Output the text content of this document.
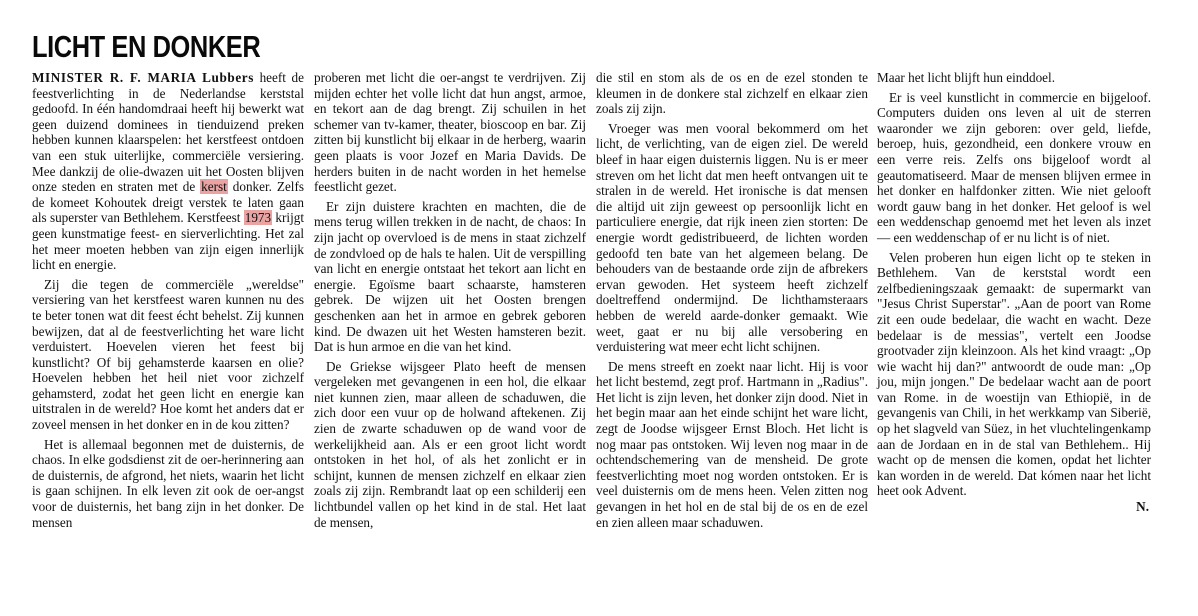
LICHT EN DONKER

MINISTER R. F. MARIA Lubbers heeft de feestverlichting in de Nederlandse kerststal gedoofd. In één handomdraai heeft hij bewerkt wat geen duizend dominees in tienduizend preken hebben kunnen klaarspelen: het kerstfeest ontdoen van een stuk uiterlijke, commerciële versiering. Mee dankzij de olie-dwazen uit het Oosten blijven onze steden en straten met de kerst donker. Zelfs de komeet Kohoutek dreigt verstek te laten gaan als superster van Bethlehem. Kerstfeest 1973 krijgt geen kunstmatige feest- en sierverlichting. Het zal het meer moeten hebben van zijn eigen innerlijk licht en energie.

Zij die tegen de commerciële „wereldse" versiering van het kerstfeest waren kunnen nu des te beter tonen wat dit feest écht behelst. Zij kunnen bewijzen, dat al de feestverlichting het ware licht verduistert. Hoevelen vieren het feest bij kunstlicht? Of bij gehamsterde kaarsen en olie? Hoevelen hebben het heil niet voor zichzelf gehamsterd, zodat het geen licht en energie kan uitstralen in de wereld? Hoe komt het anders dat er zoveel mensen in het donker en in de kou zitten?

Het is allemaal begonnen met de duisternis, de chaos. In elke godsdienst zit de oer-herinnering aan de duisternis, de afgrond, het niets, waarin het licht is gaan schijnen. In elk leven zit ook de oer-angst voor de duisternis, het bang zijn in het donker. De mensen

proberen met licht die oer-angst te verdrijven. Zij mijden echter het volle licht dat hun angst, armoe, en tekort aan de dag brengt. Zij schuilen in het schemer van tv-kamer, theater, bioscoop en bar. Zij zitten bij kunstlicht bij elkaar in de herberg, waarin geen plaats is voor Jozef en Maria Davids. De herders buiten in de nacht worden in het hemelse feestlicht gezet.

Er zijn duistere krachten en machten, die de mens terug willen trekken in de nacht, de chaos: In zijn jacht op overvloed is de mens in staat zichzelf de zondvloed op de hals te halen. Uit de verspilling van licht en energie ontstaat het tekort aan licht en energie. Egoïsme baart schaarste, hamsteren gebrek. De wijzen uit het Oosten brengen geschenken aan het in armoe en gebrek geboren kind. De dwazen uit het Westen hamsteren bezit. Dat is hun armoe en die van het kind.

De Griekse wijsgeer Plato heeft de mensen vergeleken met gevangenen in een hol, die elkaar niet kunnen zien, maar alleen de schaduwen, die zich door een vuur op de holwand aftekenen. Zij zien de zwarte schaduwen op de wand voor de werkelijkheid aan. Als er een groot licht wordt ontstoken in het hol, of als het zonlicht er in schijnt, kunnen de mensen zichzelf en elkaar zien zoals zij zijn. Rembrandt laat op een schilderij een lichtbundel vallen op het kind in de stal. Het laat de mensen,

die stil en stom als de os en de ezel stonden te kleumen in de donkere stal zichzelf en elkaar zien zoals zij zijn.

Vroeger was men vooral bekommerd om het licht, de verlichting, van de eigen ziel. De wereld bleef in haar eigen duisternis liggen. Nu is er meer streven om het licht dat men heeft ontvangen uit te stralen in de wereld. Het ironische is dat mensen die altijd uit zijn geweest op persoonlijk licht en particuliere energie, dat rijk ineen zien storten: De energie wordt gedistribueerd, de lichten worden gedoofd ten bate van het algemeen belang. De behouders van de bestaande orde zijn de afbrekers ervan gewoden. Het systeem heeft zichzelf doeltreffend ondermijnd. De lichthamsteraars hebben de wereld aarde-donker gemaakt. Wie weet, gaat er nu bij alle versobering en verduistering wat meer echt licht schijnen.

De mens streeft en zoekt naar licht. Hij is voor het licht bestemd, zegt prof. Hartmann in „Radius". Het licht is zijn leven, het donker zijn dood. Niet in het begin maar aan het einde schijnt het ware licht, zegt de Joodse wijsgeer Ernst Bloch. Het licht is nog maar pas ontstoken. Wij leven nog maar in de ochtendschemering van de mensheid. De grote feestverlichting moet nog worden ontstoken. Er is veel duisternis om de mens heen. Velen zitten nog gevangen in het hol en de stal bij de os en de ezel en zien alleen maar schaduwen.

Maar het licht blijft hun einddoel.

Er is veel kunstlicht in commercie en bijgeloof. Computers duiden ons leven al uit de sterren waaronder we zijn geboren: over geld, liefde, beroep, huis, gezondheid, een donkere vrouw en een verre reis. Zelfs ons bijgeloof wordt al geautomatiseerd. Maar de mensen blijven ermee in het donker en halfdonker zitten. Wie niet gelooft wordt gauw bang in het donker. Het geloof is wel een weddenschap genoemd met het leven als inzet — een weddenschap of er nu licht is of niet.

Velen proberen hun eigen licht op te steken in Bethlehem. Van de kerststal wordt een zelfbedieningszaak gemaakt: de supermarkt van "Jesus Christ Superstar". „Aan de poort van Rome zit een oude bedelaar, die wacht en wacht. Deze bedelaar is de messias", vertelt een Joodse grootvader zijn kleinzoon. Als het kind vraagt: „Op wie wacht hij dan?" antwoordt de oude man: „Op jou, mijn jongen." De bedelaar wacht aan de poort van Rome. in de woestijn van Ethiopië, in de gevangenis van Chili, in het werkkamp van Siberië, op het slagveld van Süez, in het vluchtelingenkamp aan de Jordaan en in de stal van Bethlehem.. Hij wacht op de mensen die komen, opdat het lichter kan worden in de wereld. Dat kómen naar het licht heet ook Advent.

N.
